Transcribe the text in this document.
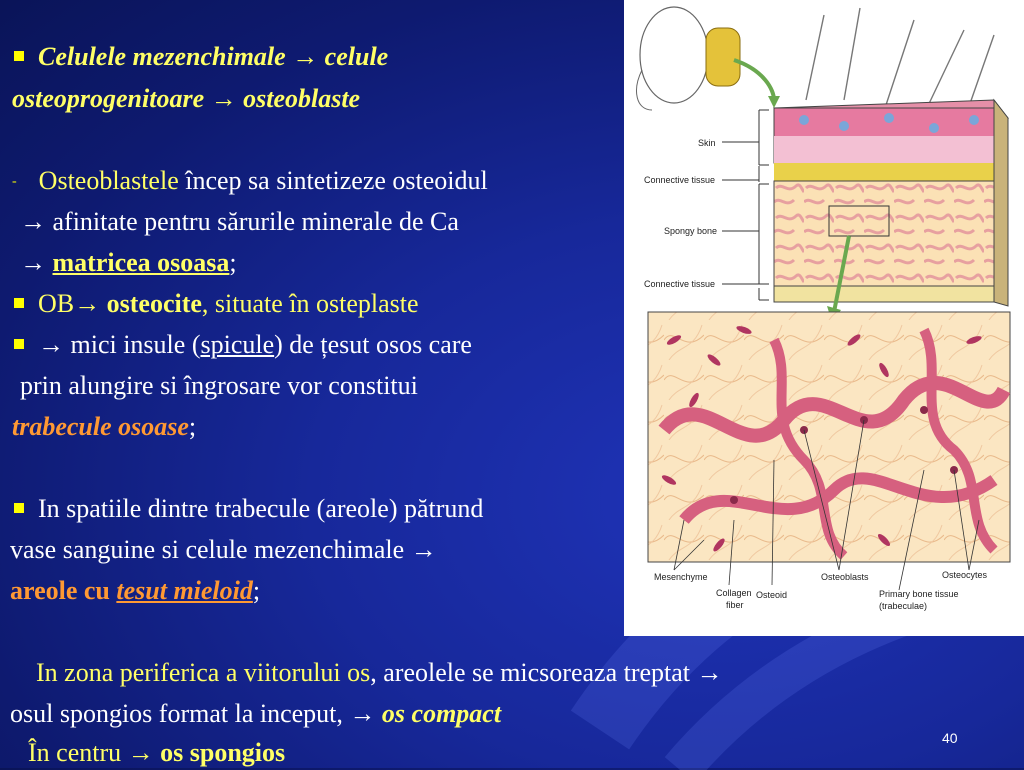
Celulele mezenchimale → celule
osteoprogenitoare → osteoblaste
- Osteoblastele încep sa sintetizeze osteoidul
→ afinitate pentru sărurile minerale de Ca
→ matricea osoasa;
OB→ osteocite, situate în osteplaste
→ mici insule (spicule) de țesut osos care
prin alungire si îngrosare vor constitui
trabecule osoase;
In spatiile dintre trabecule (areole) pătrund
vase sanguine si celule mezenchimale →
areole cu tesut mieloid;
In zona periferica a viitorului os, areolele se micsoreaza treptat →
osul spongios format la inceput, → os compact
În centru → os spongios
Skin
Connective tissue
Spongy bone
Connective tissue
Mesenchyme
Collagen
fiber
Osteoid
Osteoblasts
Primary bone tissue
(trabeculae)
Osteocytes
40
